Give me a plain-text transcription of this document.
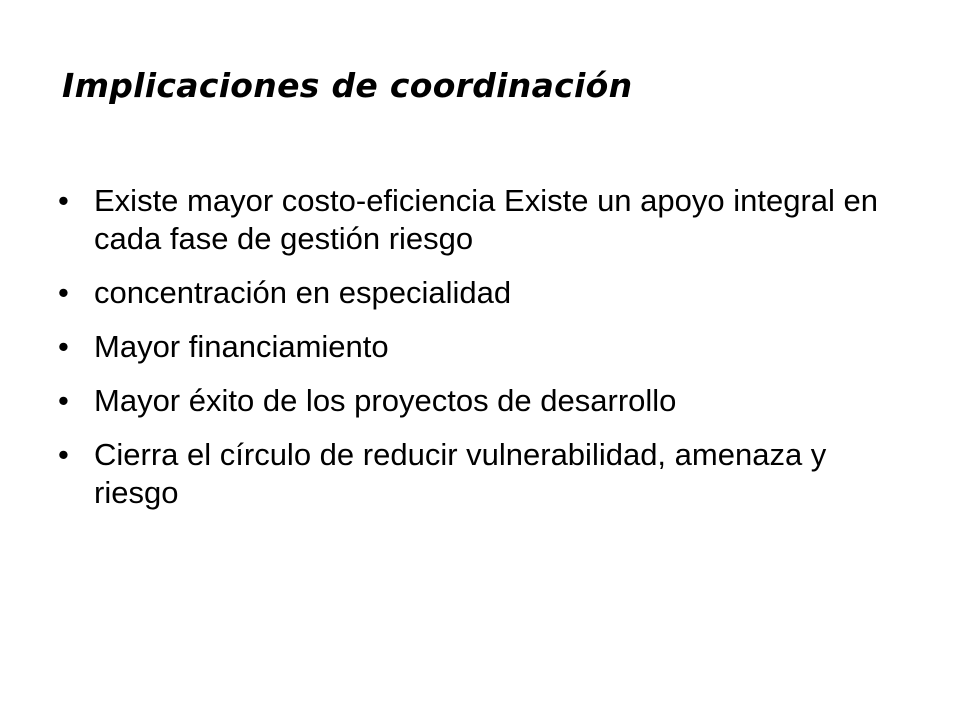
Implicaciones de coordinación
• Existe mayor costo-eficiencia Existe un apoyo integral en cada fase de gestión riesgo
• concentración en especialidad
• Mayor financiamiento
• Mayor éxito de los proyectos de desarrollo
• Cierra el círculo de reducir vulnerabilidad, amenaza y riesgo
